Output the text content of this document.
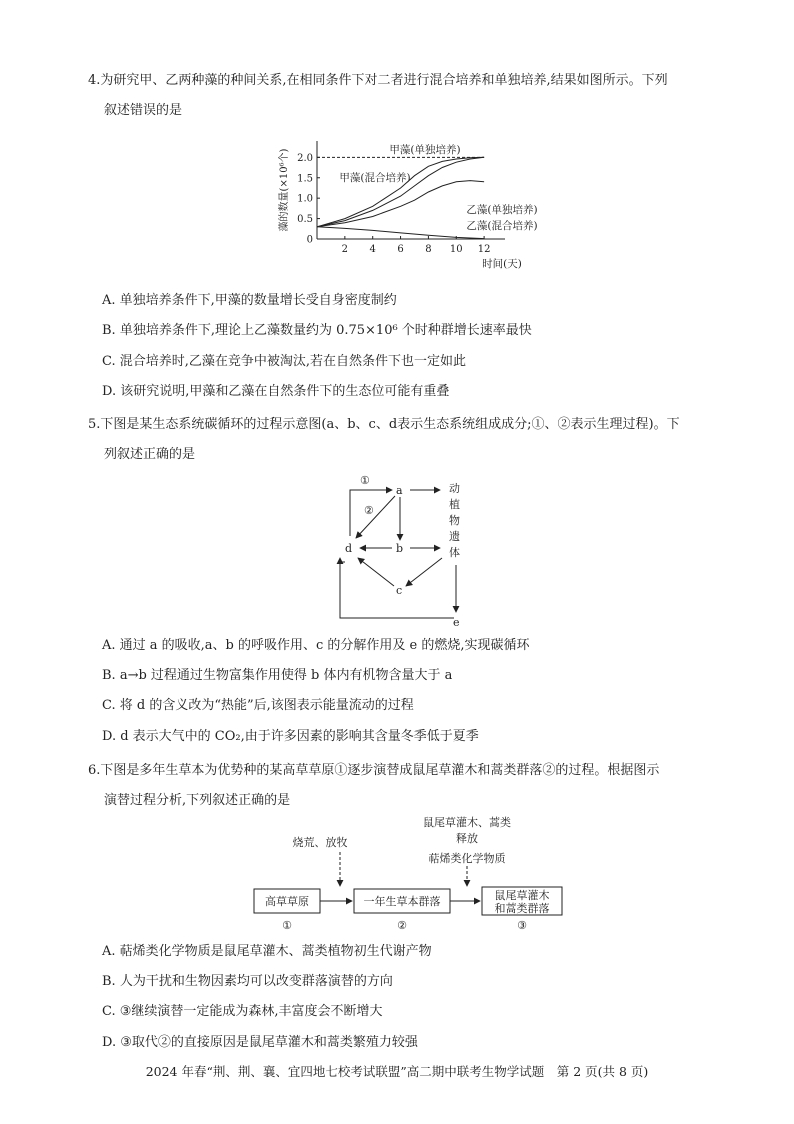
4.为研究甲、乙两种藻的种间关系,在相同条件下对二者进行混合培养和单独培养,结果如图所示。下列
叙述错误的是
0
0.5
1.0
1.5
2.0
2 4 6 8 10 12
甲藻(单独培养)
甲藻(混合培养)
乙藻(单独培养)
乙藻(混合培养)
时间(天)
藻的数量(×10⁶个)
A. 单独培养条件下,甲藻的数量增长受自身密度制约
B. 单独培养条件下,理论上乙藻数量约为 0.75×10⁶ 个时种群增长速率最快
C. 混合培养时,乙藻在竞争中被淘汰,若在自然条件下也一定如此
D. 该研究说明,甲藻和乙藻在自然条件下的生态位可能有重叠
5.下图是某生态系统碳循环的过程示意图(a、b、c、d表示生态系统组成成分;①、②表示生理过程)。下
列叙述正确的是
①
②
a
b
c
d
e
动
植
物
遗
体
A. 通过 a 的吸收,a、b 的呼吸作用、c 的分解作用及 e 的燃烧,实现碳循环
B. a→b 过程通过生物富集作用使得 b 体内有机物含量大于 a
C. 将 d 的含义改为“热能”后,该图表示能量流动的过程
D. d 表示大气中的 CO₂,由于许多因素的影响其含量冬季低于夏季
6.下图是多年生草本为优势种的某高草草原①逐步演替成鼠尾草灌木和蒿类群落②的过程。根据图示
演替过程分析,下列叙述正确的是
鼠尾草灌木、蒿类
释放
萜烯类化学物质
烧荒、放牧
高草草原	一年生草本群落	鼠尾草灌木
和蒿类群落
①	②	③
A. 萜烯类化学物质是鼠尾草灌木、蒿类植物初生代谢产物
B. 人为干扰和生物因素均可以改变群落演替的方向
C. ③继续演替一定能成为森林,丰富度会不断增大
D. ③取代②的直接原因是鼠尾草灌木和蒿类繁殖力较强
2024 年春“荆、荆、襄、宜四地七校考试联盟”高二期中联考生物学试题　第 2 页(共 8 页)
